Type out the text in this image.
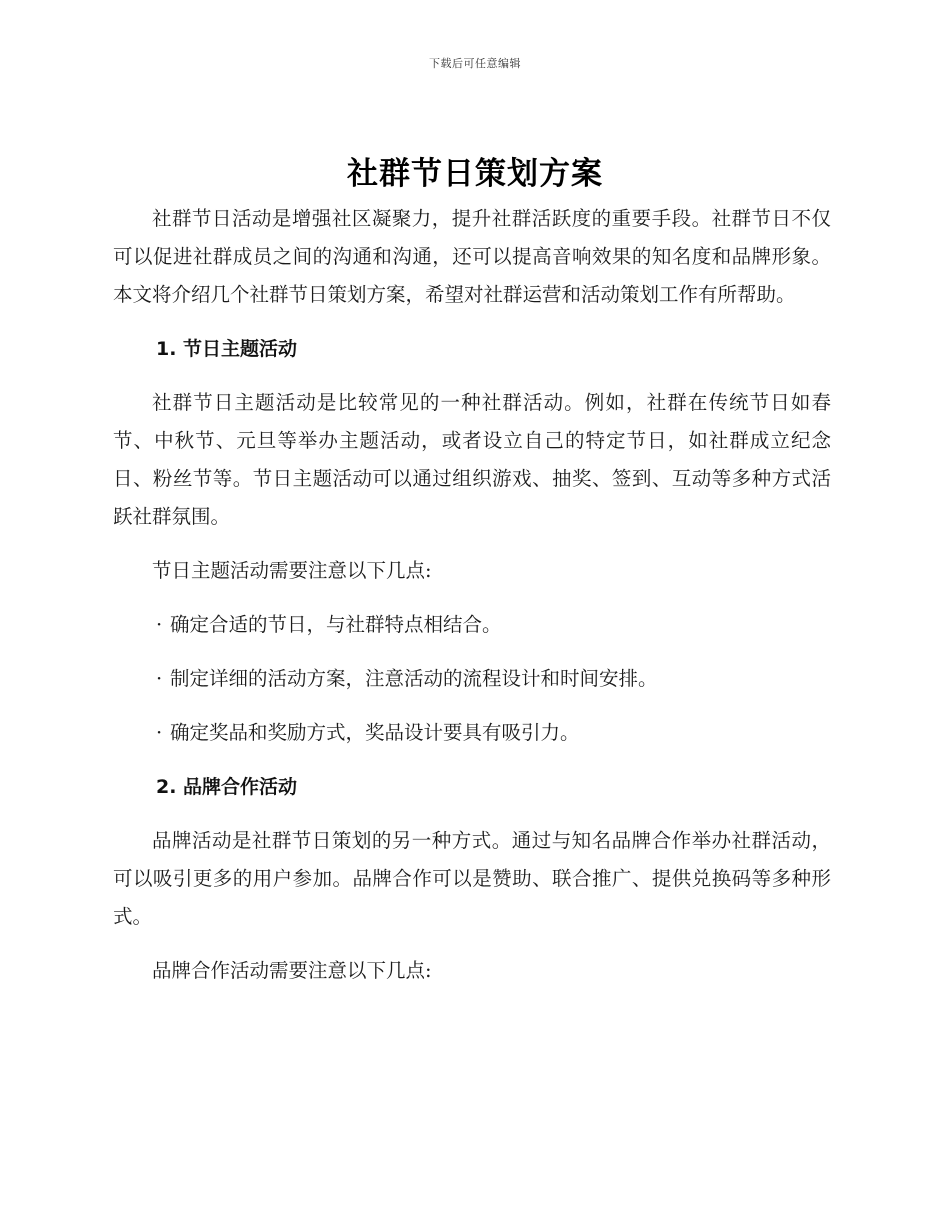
下载后可任意编辑
社群节日策划方案

社群节日活动是增强社区凝聚力，提升社群活跃度的重要手段。社群节日不仅可以促进社群成员之间的沟通和沟通，还可以提高音响效果的知名度和品牌形象。本文将介绍几个社群节日策划方案，希望对社群运营和活动策划工作有所帮助。

1. 节日主题活动

社群节日主题活动是比较常见的一种社群活动。例如，社群在传统节日如春节、中秋节、元旦等举办主题活动，或者设立自己的特定节日，如社群成立纪念日、粉丝节等。节日主题活动可以通过组织游戏、抽奖、签到、互动等多种方式活跃社群氛围。

节日主题活动需要注意以下几点:

· 确定合适的节日，与社群特点相结合。

· 制定详细的活动方案，注意活动的流程设计和时间安排。

· 确定奖品和奖励方式，奖品设计要具有吸引力。

2. 品牌合作活动

品牌活动是社群节日策划的另一种方式。通过与知名品牌合作举办社群活动，可以吸引更多的用户参加。品牌合作可以是赞助、联合推广、提供兑换码等多种形式。

品牌合作活动需要注意以下几点:
